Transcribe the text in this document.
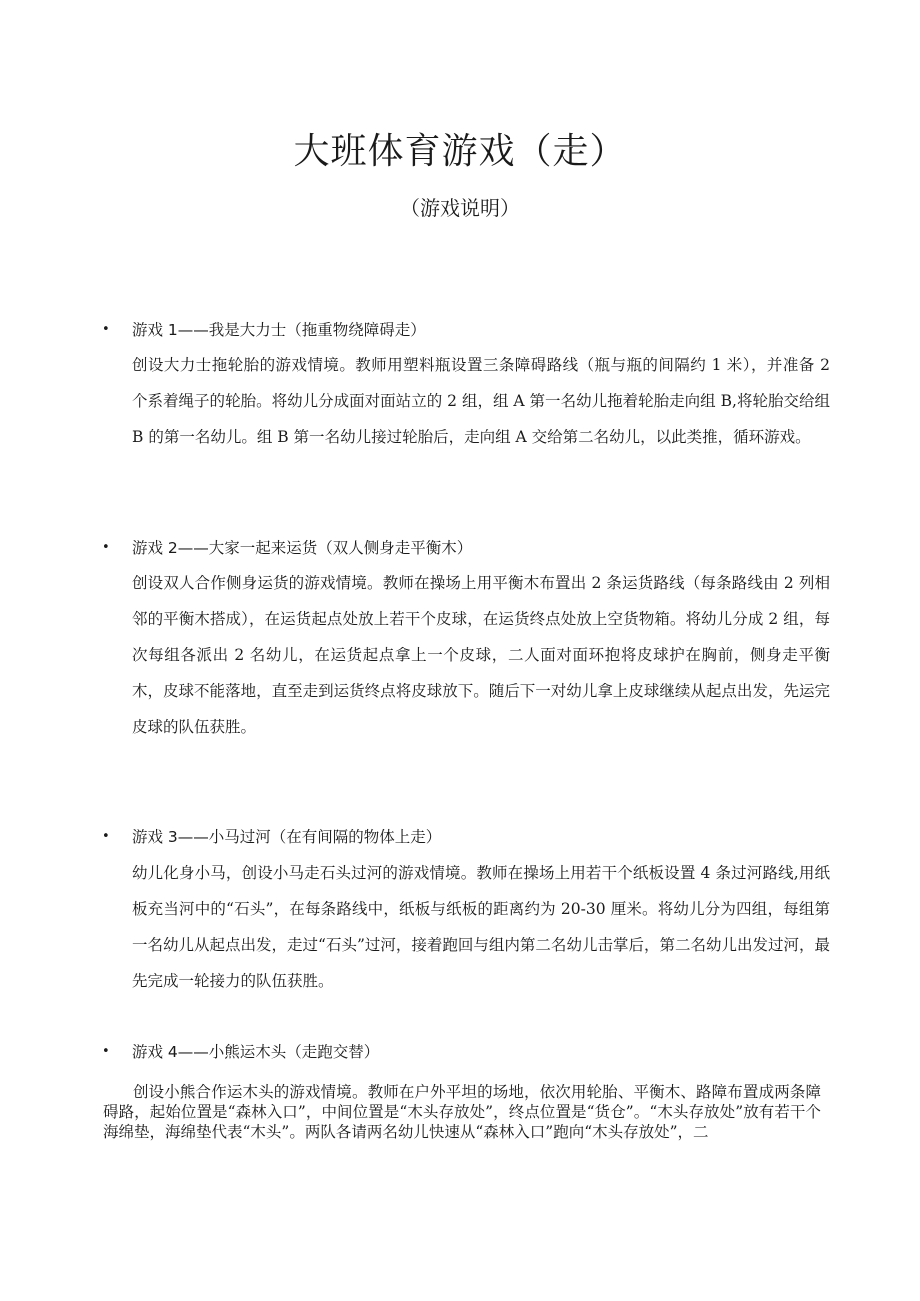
大班体育游戏（走）
（游戏说明）
• 游戏 1——我是大力士（拖重物绕障碍走）

创设大力士拖轮胎的游戏情境。教师用塑料瓶设置三条障碍路线（瓶与瓶的间隔约 1 米），并准备 2 个系着绳子的轮胎。将幼儿分成面对面站立的 2 组，组 A 第一名幼儿拖着轮胎走向组 B,将轮胎交给组 B 的第一名幼儿。组 B 第一名幼儿接过轮胎后，走向组 A 交给第二名幼儿，以此类推，循环游戏。

• 游戏 2——大家一起来运货（双人侧身走平衡木）

创设双人合作侧身运货的游戏情境。教师在操场上用平衡木布置出 2 条运货路线（每条路线由 2 列相邻的平衡木搭成），在运货起点处放上若干个皮球，在运货终点处放上空货物箱。将幼儿分成 2 组，每次每组各派出 2 名幼儿，在运货起点拿上一个皮球，二人面对面环抱将皮球护在胸前，侧身走平衡木，皮球不能落地，直至走到运货终点将皮球放下。随后下一对幼儿拿上皮球继续从起点出发，先运完皮球的队伍获胜。

• 游戏 3——小马过河（在有间隔的物体上走）

幼儿化身小马，创设小马走石头过河的游戏情境。教师在操场上用若干个纸板设置 4 条过河路线,用纸板充当河中的“石头”，在每条路线中，纸板与纸板的距离约为 20-30 厘米。将幼儿分为四组，每组第一名幼儿从起点出发，走过“石头”过河，接着跑回与组内第二名幼儿击掌后，第二名幼儿出发过河，最先完成一轮接力的队伍获胜。

• 游戏 4——小熊运木头（走跑交替）

创设小熊合作运木头的游戏情境。教师在户外平坦的场地，依次用轮胎、平衡木、路障布置成两条障碍路，起始位置是“森林入口”，中间位置是“木头存放处”，终点位置是“货仓”。“木头存放处”放有若干个海绵垫，海绵垫代表“木头”。两队各请两名幼儿快速从“森林入口”跑向“木头存放处”，二
